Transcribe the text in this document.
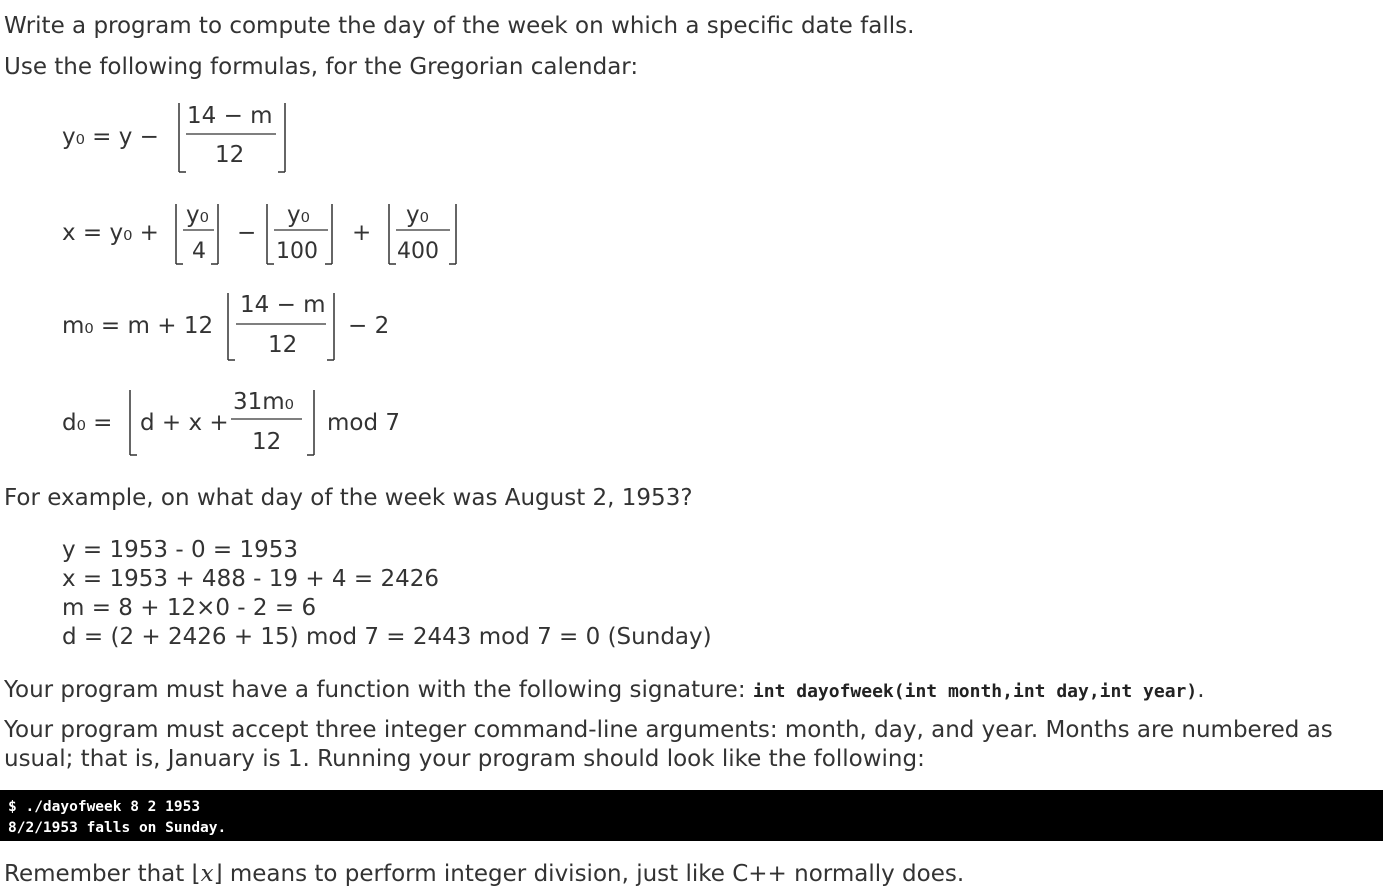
Write a program to compute the day of the week on which a specific date falls.

Use the following formulas, for the Gregorian calendar:

y₀ = y −
14 − m
12
x = y₀ +
y₀
4
−
y₀
100
+
y₀
400
m₀ = m + 12
14 − m
12
− 2
d₀ = d + x +
31m₀
12
mod 7

For example, on what day of the week was August 2, 1953?

y = 1953 - 0 = 1953
x = 1953 + 488 - 19 + 4 = 2426
m = 8 + 12×0 - 2 = 6
d = (2 + 2426 + 15) mod 7 = 2443 mod 7 = 0 (Sunday)

Your program must have a function with the following signature: int dayofweek(int month,int day,int year).

Your program must accept three integer command-line arguments: month, day, and year. Months are numbered as

usual; that is, January is 1. Running your program should look like the following:

$ ./dayofweek 8 2 1953
8/2/1953 falls on Sunday.

Remember that ⌊x⌋ means to perform integer division, just like C++ normally does.
